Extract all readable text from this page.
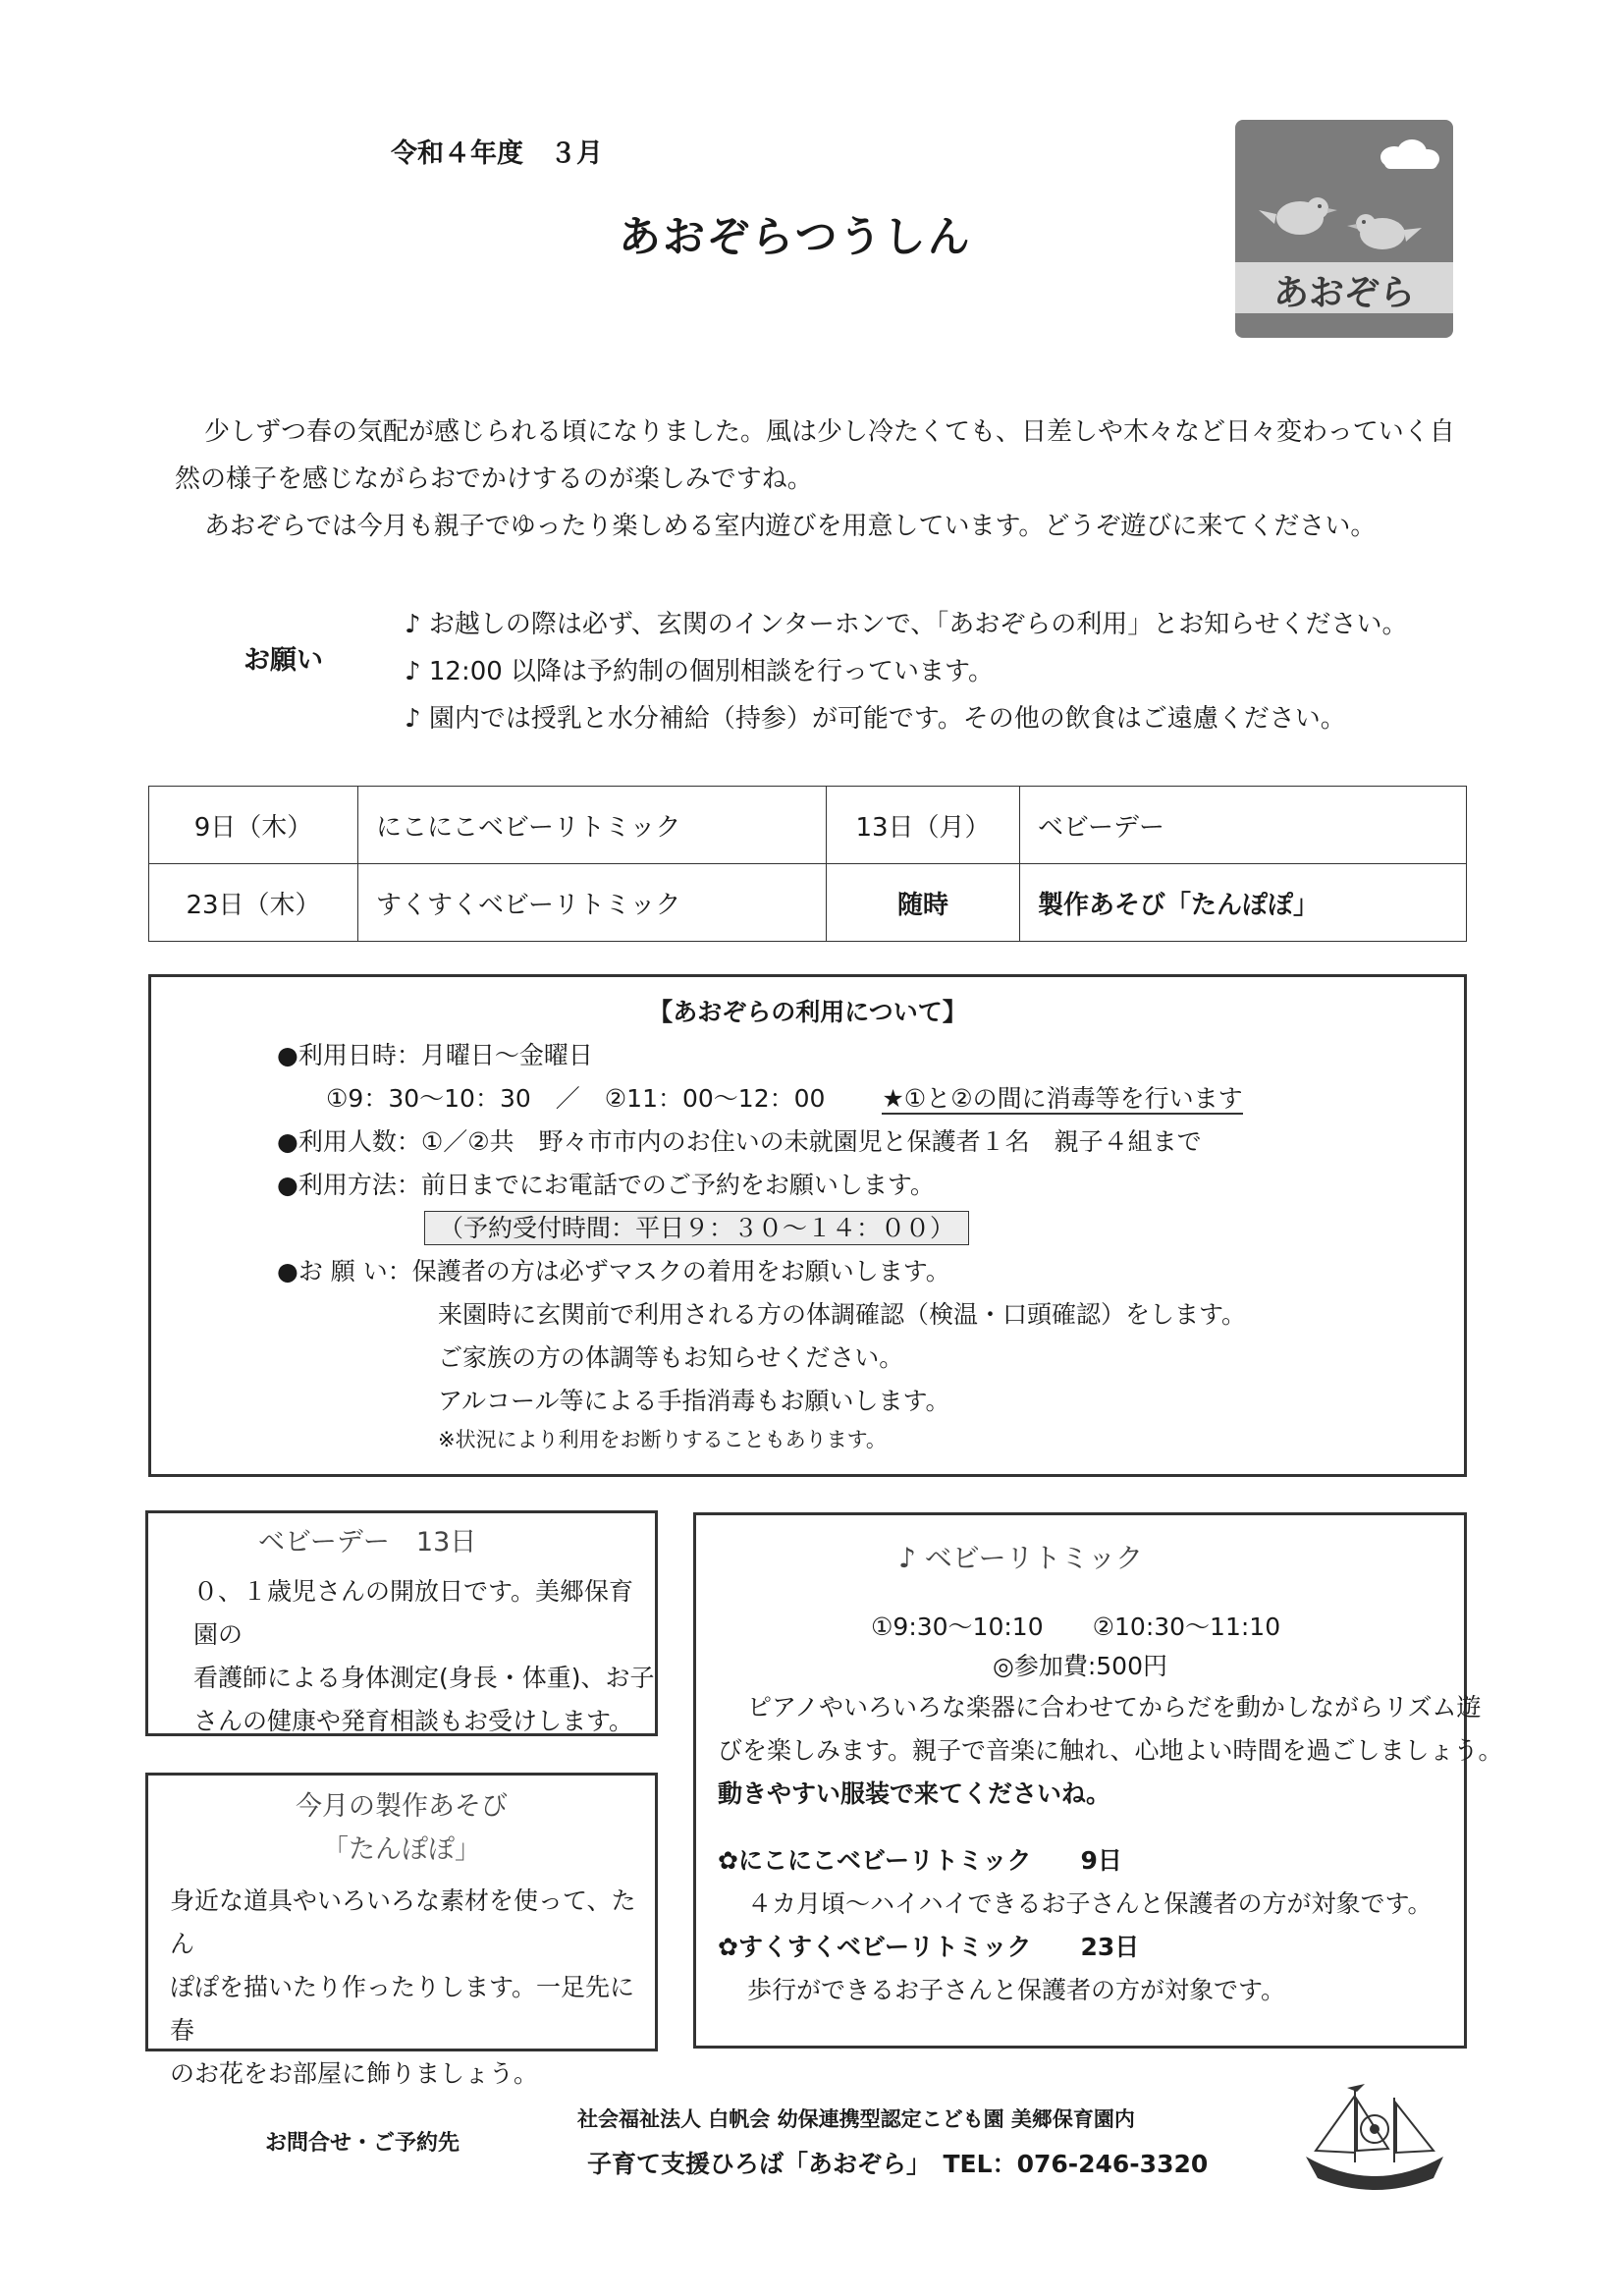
令和４年度　３月
あおぞらつうしん
あおぞら

少しずつ春の気配が感じられる頃になりました。風は少し冷たくても、日差しや木々など日々変わっていく自然の様子を感じながらおでかけするのが楽しみですね。

あおぞらでは今月も親子でゆったり楽しめる室内遊びを用意しています。どうぞ遊びに来てください。

お願い
♪ お越しの際は必ず、玄関のインターホンで、「あおぞらの利用」とお知らせください。
♪ 12:00 以降は予約制の個別相談を行っています。
♪ 園内では授乳と水分補給（持参）が可能です。その他の飲食はご遠慮ください。
9日（木）	にこにこベビーリトミック	13日（月）	ベビーデー
23日（木）	すくすくベビーリトミック	随時	製作あそび「たんぽぽ」
【あおぞらの利用について】
●利用日時：月曜日～金曜日
①9：30～10：30　／　②11：00～12：00 ★①と②の間に消毒等を行います
●利用人数：①／②共　野々市市内のお住いの未就園児と保護者１名　親子４組まで
●利用方法：前日までにお電話でのご予約をお願いします。
（予約受付時間：平日９：３０～１４：００）
●お 願 い：保護者の方は必ずマスクの着用をお願いします。
来園時に玄関前で利用される方の体調確認（検温・口頭確認）をします。
ご家族の方の体調等もお知らせください。
アルコール等による手指消毒もお願いします。
※状況により利用をお断りすることもあります。
ベビーデー　13日
０、１歳児さんの開放日です。美郷保育園の
看護師による身体測定(身長・体重)、お子
さんの健康や発育相談もお受けします。
今月の製作あそび
「たんぽぽ」
身近な道具やいろいろな素材を使って、たん
ぽぽを描いたり作ったりします。一足先に春
のお花をお部屋に飾りましょう。
♪ ベビーリトミック
①9:30～10:10　　②10:30～11:10
◎参加費:500円
ピアノやいろいろな楽器に合わせてからだを動かしながらリズム遊
びを楽しみます。親子で音楽に触れ、心地よい時間を過ごしましょう。
動きやすい服装で来てくださいね。
✿にこにこベビーリトミック　　9日
４カ月頃～ハイハイできるお子さんと保護者の方が対象です。
✿すくすくベビーリトミック　　23日
歩行ができるお子さんと保護者の方が対象です。
お問合せ・ご予約先
社会福祉法人 白帆会 幼保連携型認定こども園 美郷保育園内
子育て支援ひろば「あおぞら」　TEL：076-246-3320
